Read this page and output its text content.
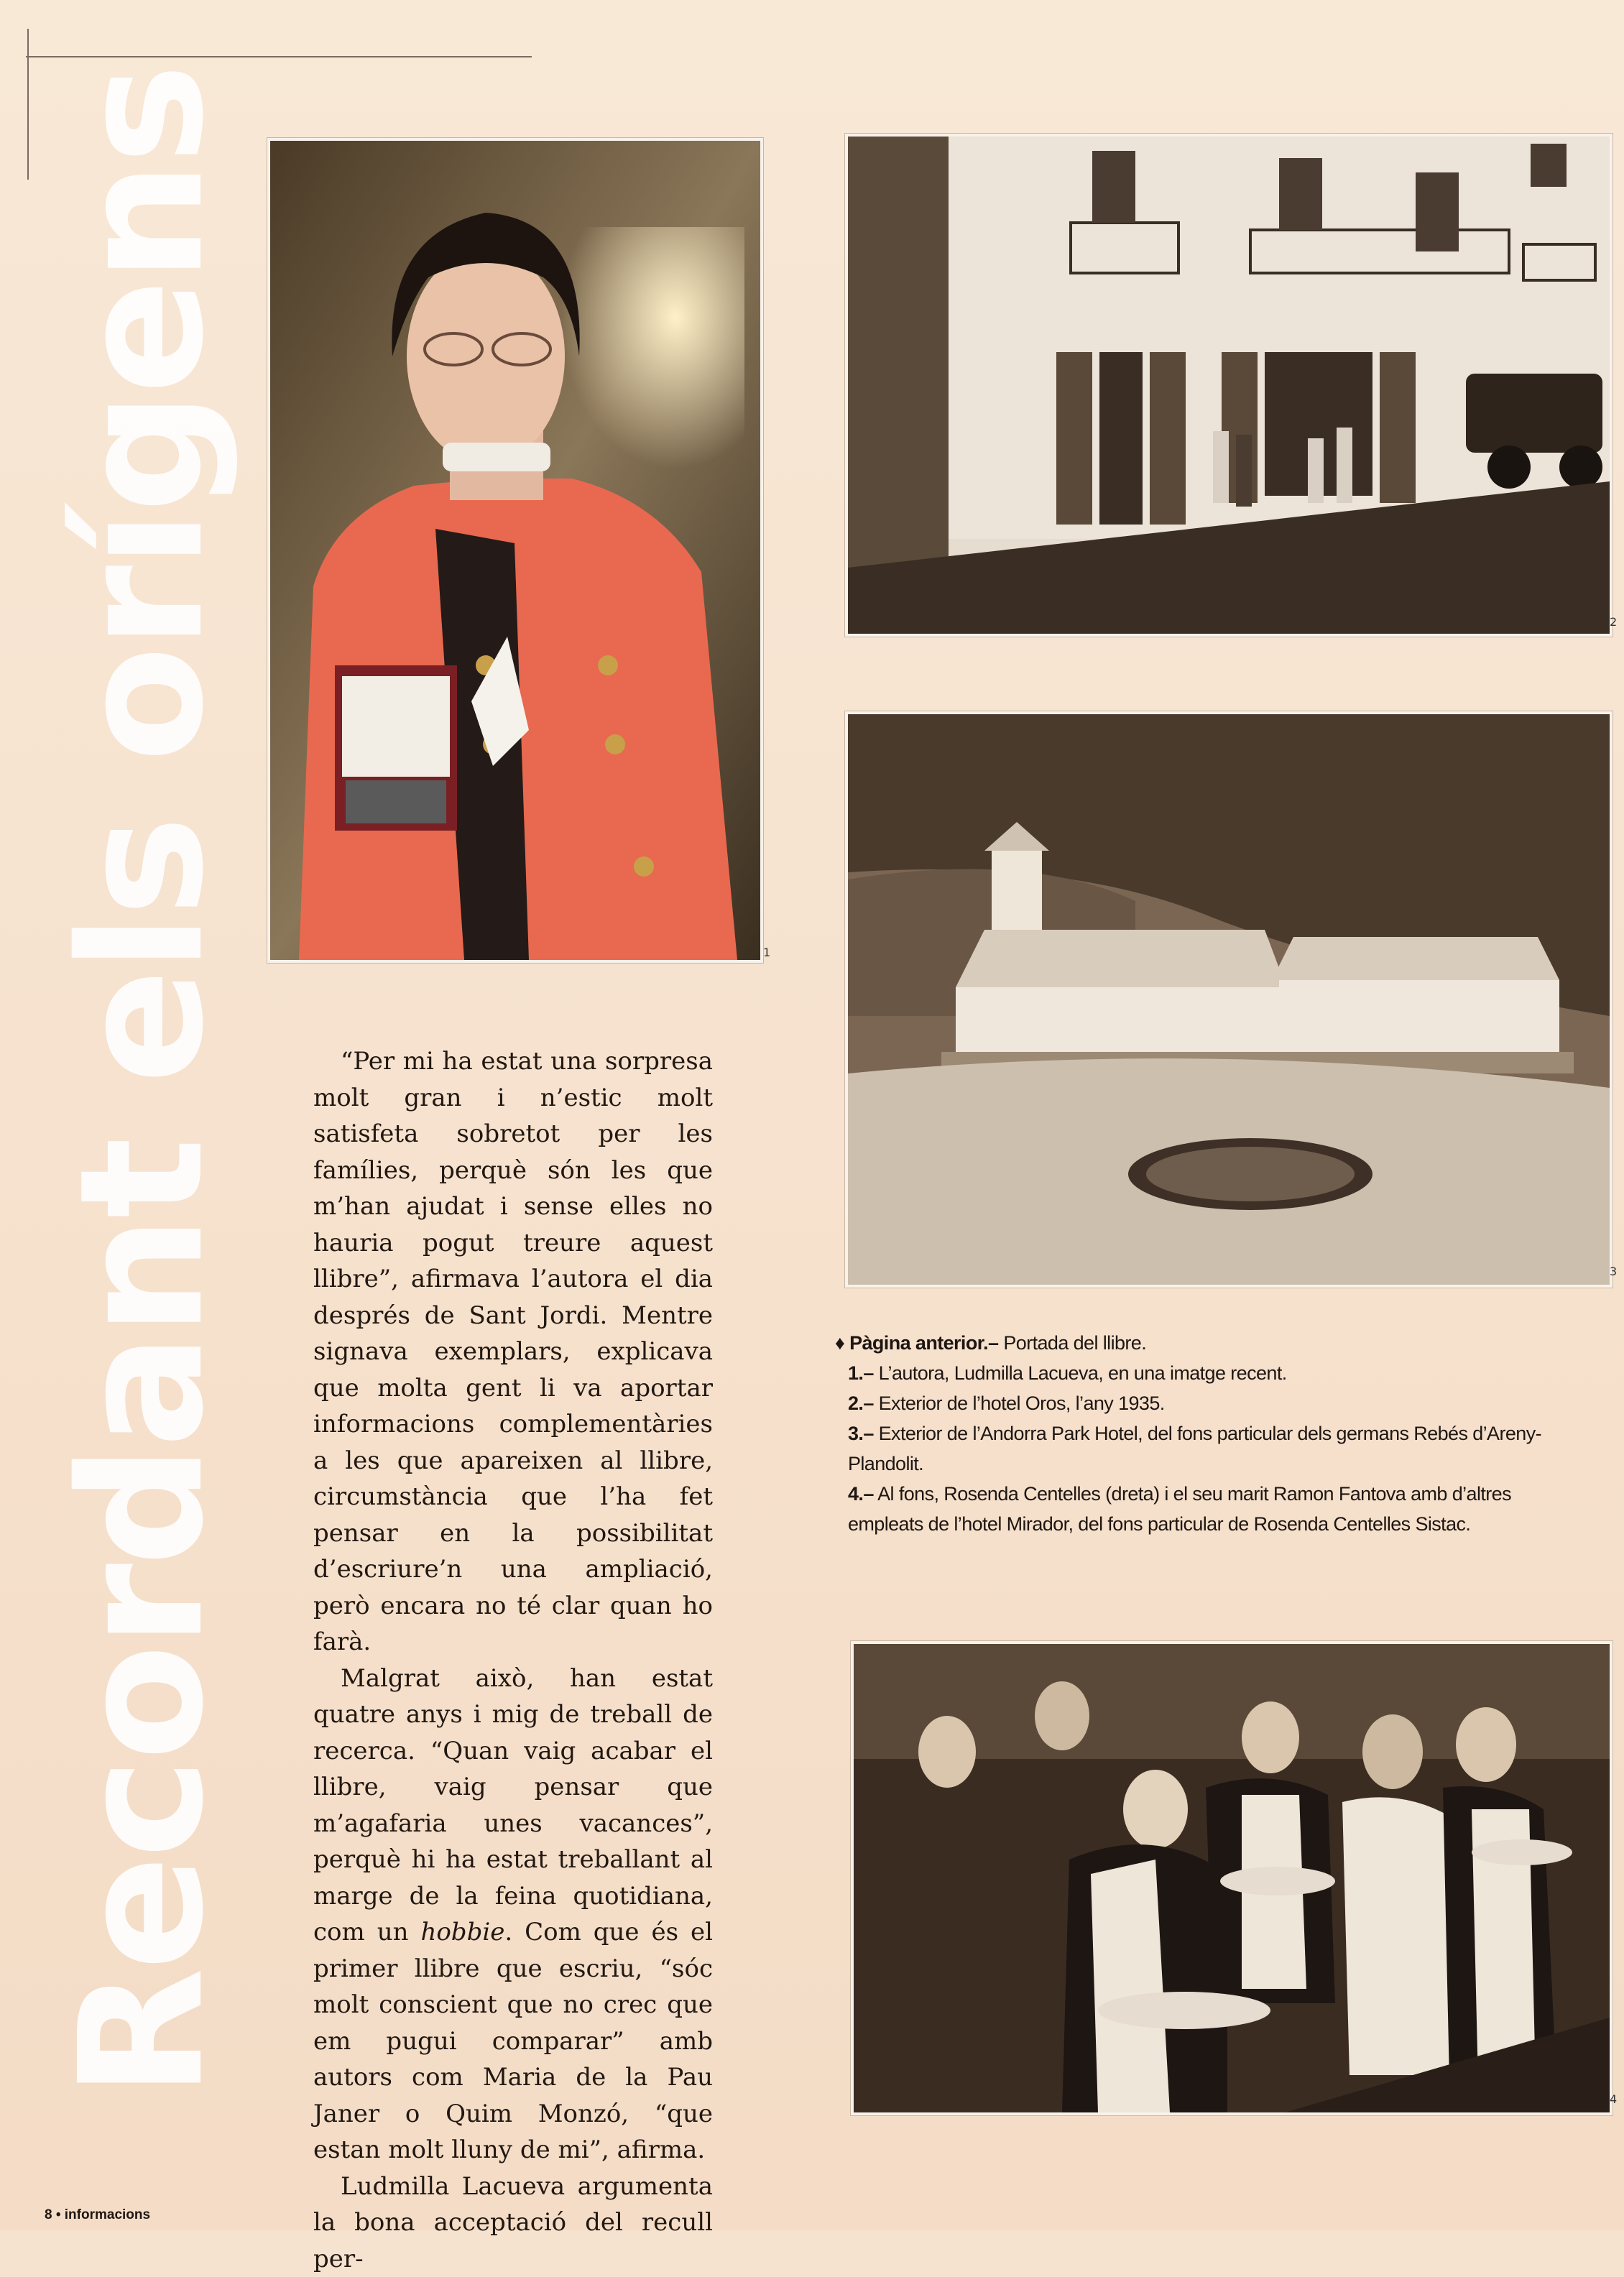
Recordant els orígens	1
2
3
4

“Per mi ha estat una sorpresa molt gran i n’estic molt satisfeta sobretot per les famílies, perquè són les que m’han ajudat i sense elles no hauria pogut treure aquest llibre”, afirmava l’autora el dia després de Sant Jordi. Mentre signava exemplars, explicava que molta gent li va aportar informacions complementàries a les que apareixen al llibre, circumstància que l’ha fet pensar en la possibilitat d’escriure’n una ampliació, però encara no té clar quan ho farà.

Malgrat això, han estat quatre anys i mig de treball de recerca. “Quan vaig acabar el llibre, vaig pensar que m’agafaria unes vacances”, perquè hi ha estat treballant al marge de la feina quotidiana, com un hobbie. Com que és el primer llibre que escriu, “sóc molt conscient que no crec que em pugui comparar” amb autors com Maria de la Pau Janer o Quim Monzó, “que estan molt lluny de mi”, afirma.

Ludmilla Lacueva argumenta la bona acceptació del recull per-

♦ Pàgina anterior.– Portada del llibre.

1.– L’autora, Ludmilla Lacueva, en una imatge recent.

2.– Exterior de l’hotel Oros, l’any 1935.

3.– Exterior de l’Andorra Park Hotel, del fons particular dels germans Rebés d’Areny-Plandolit.

4.– Al fons, Rosenda Centelles (dreta) i el seu marit Ramon Fantova amb d’altres empleats de l’hotel Mirador, del fons particular de Rosenda Centelles Sistac.

8 • informacions
